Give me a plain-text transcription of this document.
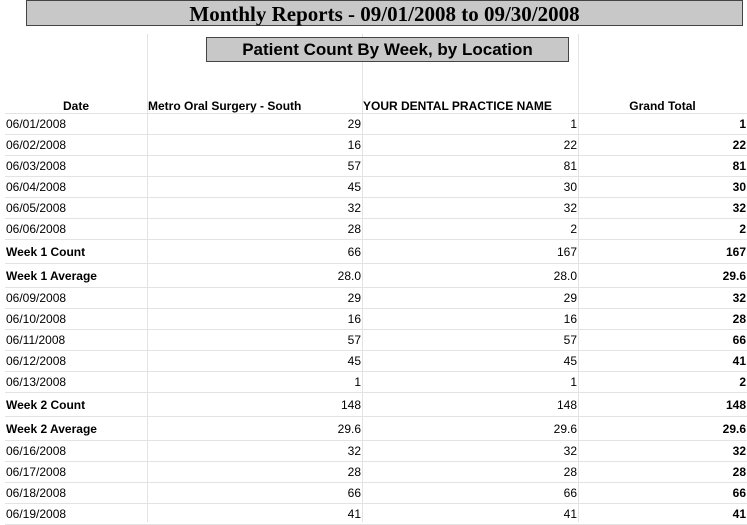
Monthly Reports - 09/01/2008 to 09/30/2008
Patient Count By Week, by Location
Date	Metro Oral Surgery - South	YOUR DENTAL PRACTICE NAME	Grand Total
06/01/2008	29	1	1
06/02/2008	16	22	22
06/03/2008	57	81	81
06/04/2008	45	30	30
06/05/2008	32	32	32
06/06/2008	28	2	2
Week 1 Count	66	167	167
Week 1 Average	28.0	28.0	29.6
06/09/2008	29	29	32
06/10/2008	16	16	28
06/11/2008	57	57	66
06/12/2008	45	45	41
06/13/2008	1	1	2
Week 2 Count	148	148	148
Week 2 Average	29.6	29.6	29.6
06/16/2008	32	32	32
06/17/2008	28	28	28
06/18/2008	66	66	66
06/19/2008	41	41	41
